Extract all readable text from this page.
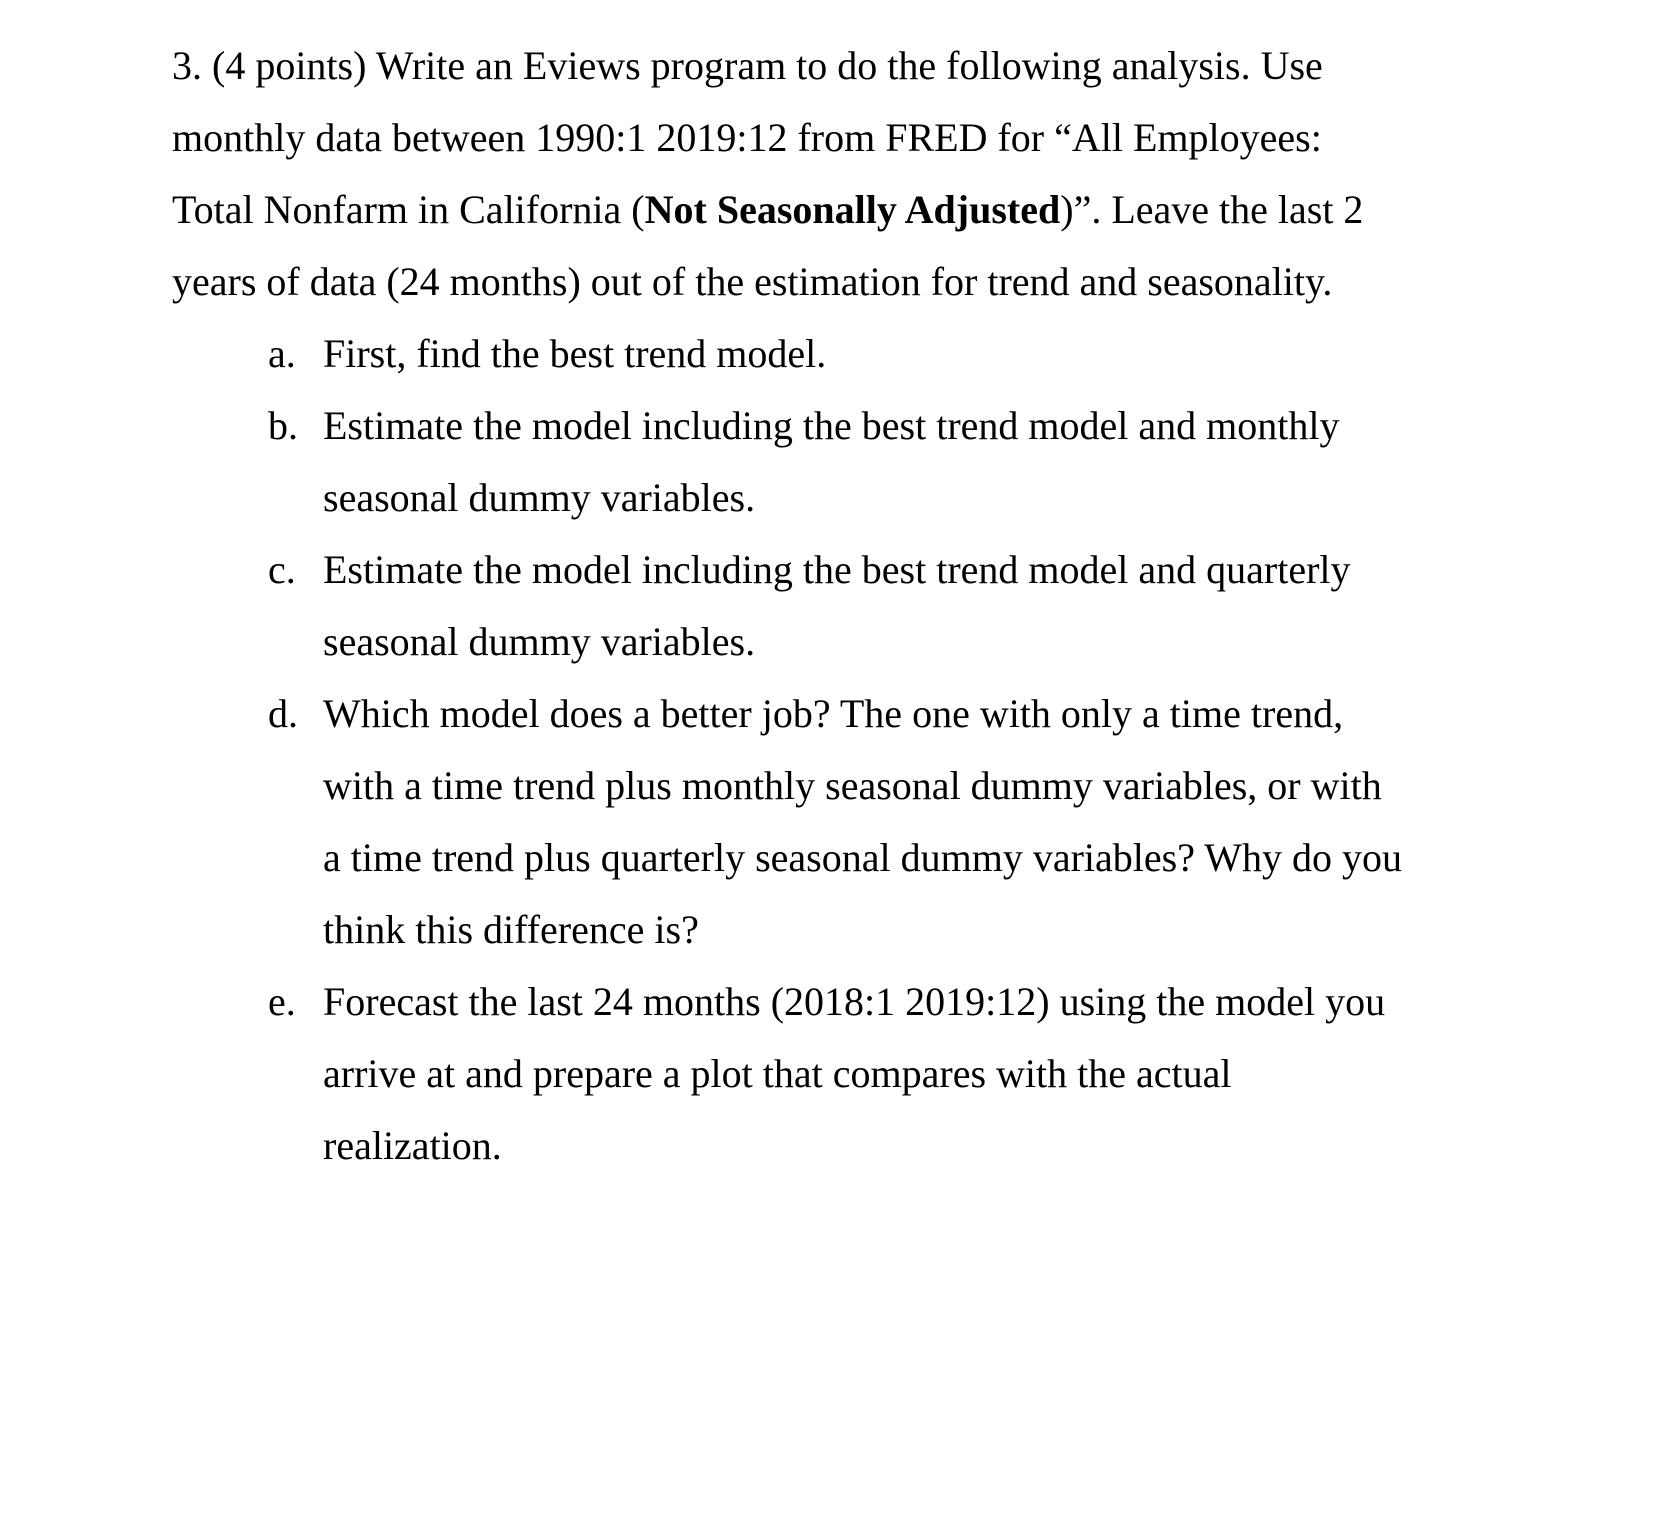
3. (4 points) Write an Eviews program to do the following analysis. Use
monthly data between 1990:1 2019:12 from FRED for “All Employees:
Total Nonfarm in California (Not Seasonally Adjusted)”. Leave the last 2
years of data (24 months) out of the estimation for trend and seasonality.
a. First, find the best trend model.
b. Estimate the model including the best trend model and monthly
seasonal dummy variables.
c. Estimate the model including the best trend model and quarterly
seasonal dummy variables.
d. Which model does a better job? The one with only a time trend,
with a time trend plus monthly seasonal dummy variables, or with
a time trend plus quarterly seasonal dummy variables? Why do you
think this difference is?
e. Forecast the last 24 months (2018:1 2019:12) using the model you
arrive at and prepare a plot that compares with the actual
realization.
